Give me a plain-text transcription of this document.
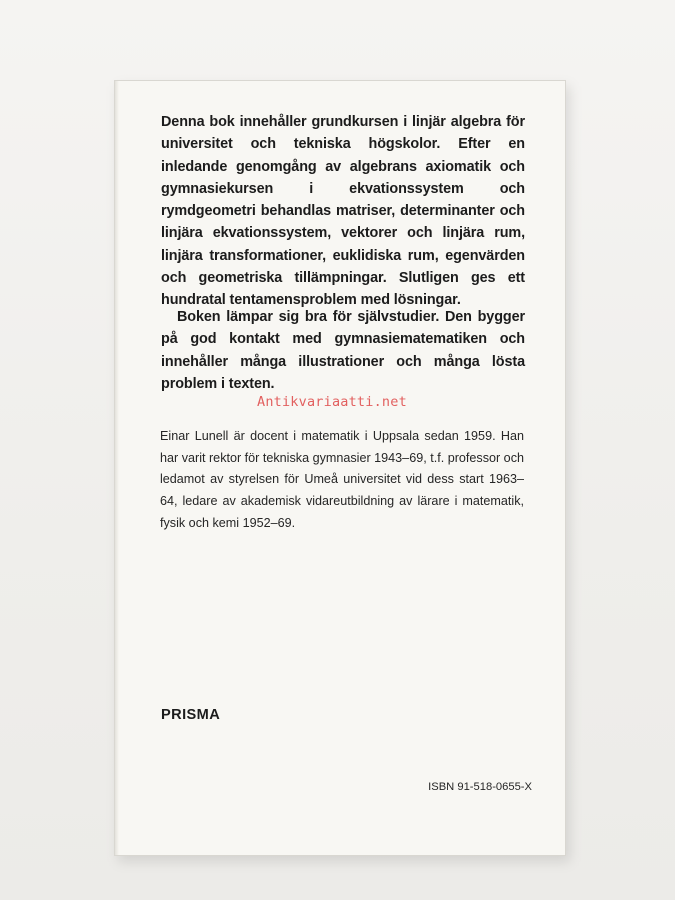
Denna bok innehåller grundkursen i linjär algebra för universitet och tekniska högskolor. Efter en inledande genomgång av algebrans axiomatik och gymnasiekursen i ekvationssystem och rymdgeometri behandlas matriser, determinanter och linjära ekvationssystem, vektorer och linjära rum, linjära transformationer, euklidiska rum, egenvärden och geometriska tillämpningar. Slutligen ges ett hundratal tentamensproblem med lösningar.

Boken lämpar sig bra för självstudier. Den bygger på god kontakt med gymnasiematematiken och innehåller många illustrationer och många lösta problem i texten.

Antikvariaatti.net

Einar Lunell är docent i matematik i Uppsala sedan 1959. Han har varit rektor för tekniska gymnasier 1943–69, t.f. professor och ledamot av styrelsen för Umeå universitet vid dess start 1963–64, ledare av akademisk vidareutbildning av lärare i matematik, fysik och kemi 1952–69.

PRISMA
ISBN 91-518-0655-X
